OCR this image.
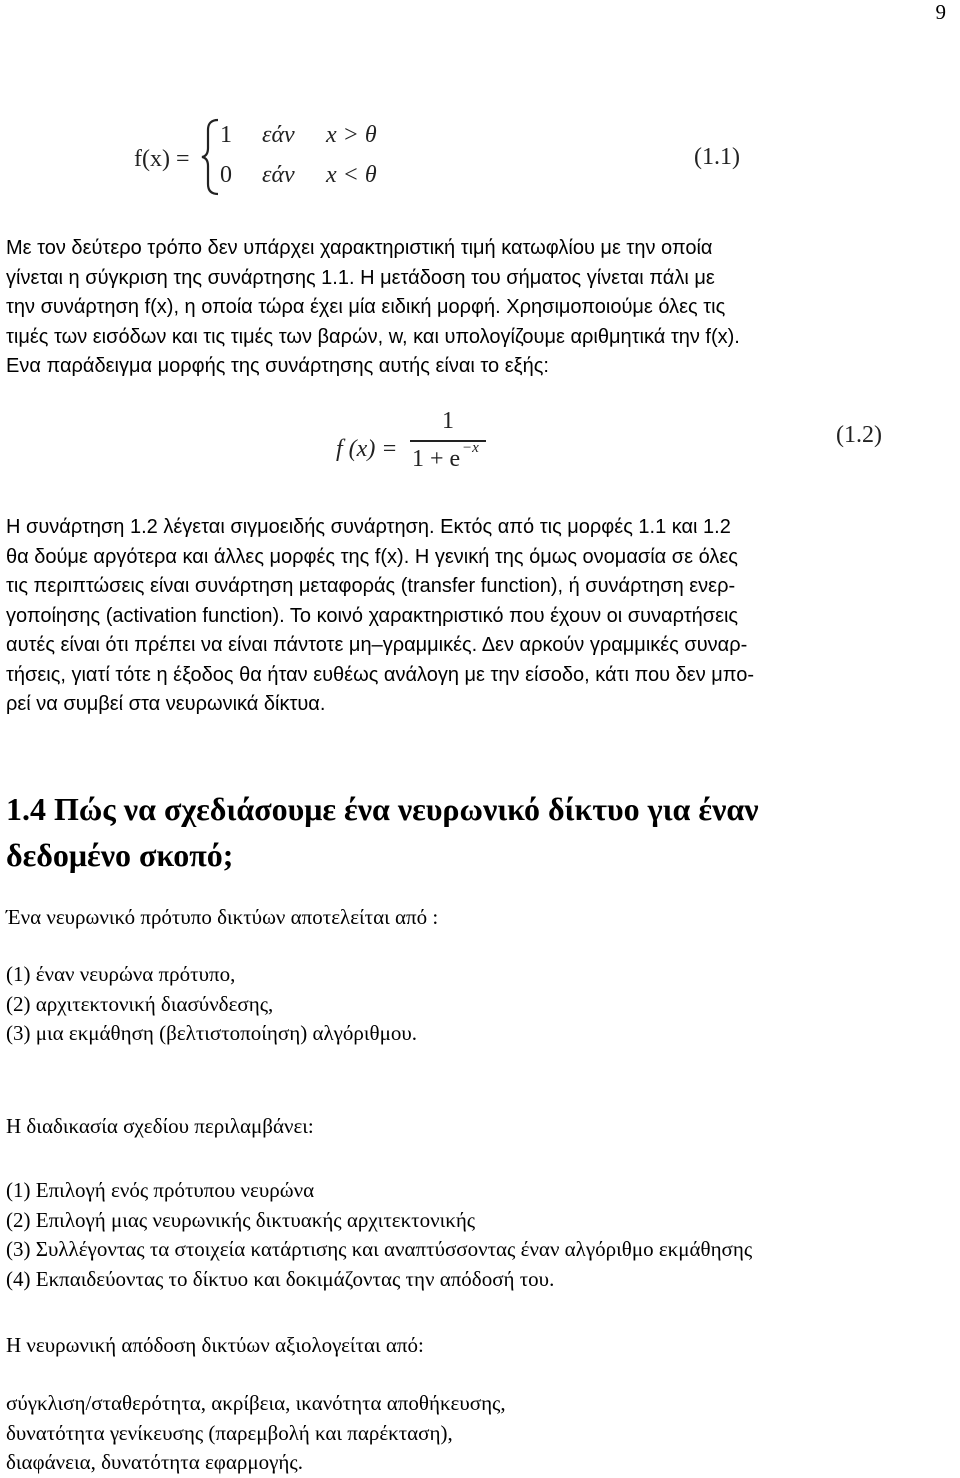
9
f(x) =
1 εάν x > θ
0 εάν x < θ
(1.1)
Με τον δεύτερο τρόπο δεν υπάρχει χαρακτηριστική τιμή κατωφλίου με την οποία
γίνεται η σύγκριση της συνάρτησης 1.1. Η μετάδοση του σήματος γίνεται πάλι με
την συνάρτηση f(x), η οποία τώρα έχει μία ειδική μορφή. Χρησιμοποιούμε όλες τις
τιμές των εισόδων και τις τιμές των βαρών, w, και υπολογίζουμε αριθμητικά την f(x).
Ενα παράδειγμα μορφής της συνάρτησης αυτής είναι το εξής:
f (x) =
1
1 + e −x	(1.2)
Η συνάρτηση 1.2 λέγεται σιγμοειδής συνάρτηση. Εκτός από τις μορφές 1.1 και 1.2
θα δούμε αργότερα και άλλες μορφές της f(x). Η γενική της όμως ονομασία σε όλες
τις περιπτώσεις είναι συνάρτηση μεταφοράς (transfer function), ή συνάρτηση ενερ-
γοποίησης (activation function). Το κοινό χαρακτηριστικό που έχουν οι συναρτήσεις
αυτές είναι ότι πρέπει να είναι πάντοτε μη–γραμμικές. Δεν αρκούν γραμμικές συναρ-
τήσεις, γιατί τότε η έξοδος θα ήταν ευθέως ανάλογη με την είσοδο, κάτι που δεν μπο-
ρεί να συμβεί στα νευρωνικά δίκτυα.
1.4 Πώς να σχεδιάσουμε ένα νευρωνικό δίκτυο για έναν
δεδομένο σκοπό;

Ένα νευρωνικό πρότυπο δικτύων αποτελείται από :

(1) έναν νευρώνα πρότυπο,
(2) αρχιτεκτονική διασύνδεσης,
(3) μια εκμάθηση (βελτιστοποίηση) αλγόριθμου.

Η διαδικασία σχεδίου περιλαμβάνει:

(1) Επιλογή ενός πρότυπου νευρώνα
(2) Επιλογή μιας νευρωνικής δικτυακής αρχιτεκτονικής
(3) Συλλέγοντας τα στοιχεία κατάρτισης και αναπτύσσοντας έναν αλγόριθμο εκμάθησης
(4) Εκπαιδεύοντας το δίκτυο και δοκιμάζοντας την απόδοσή του.

Η νευρωνική απόδοση δικτύων αξιολογείται από:

σύγκλιση/σταθερότητα, ακρίβεια, ικανότητα αποθήκευσης,
δυνατότητα γενίκευσης (παρεμβολή και παρέκταση),
διαφάνεια, δυνατότητα εφαρμογής.
